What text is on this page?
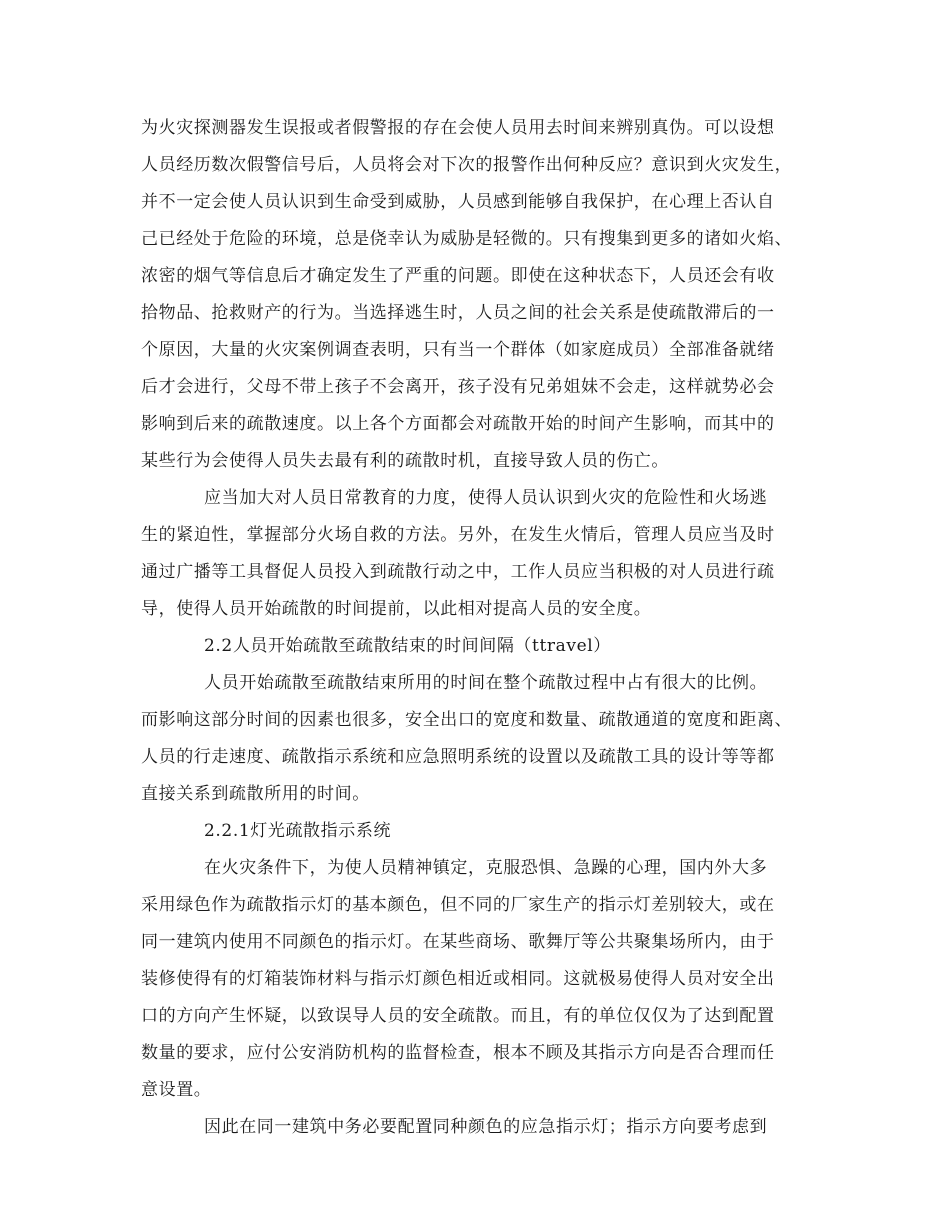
为火灾探测器发生误报或者假警报的存在会使人员用去时间来辨别真伪。可以设想
人员经历数次假警信号后，人员将会对下次的报警作出何种反应？意识到火灾发生，
并不一定会使人员认识到生命受到威胁，人员感到能够自我保护，在心理上否认自
己已经处于危险的环境，总是侥幸认为威胁是轻微的。只有搜集到更多的诸如火焰、
浓密的烟气等信息后才确定发生了严重的问题。即使在这种状态下，人员还会有收
拾物品、抢救财产的行为。当选择逃生时，人员之间的社会关系是使疏散滞后的一
个原因，大量的火灾案例调查表明，只有当一个群体（如家庭成员）全部准备就绪
后才会进行，父母不带上孩子不会离开，孩子没有兄弟姐妹不会走，这样就势必会
影响到后来的疏散速度。以上各个方面都会对疏散开始的时间产生影响，而其中的
某些行为会使得人员失去最有利的疏散时机，直接导致人员的伤亡。
应当加大对人员日常教育的力度，使得人员认识到火灾的危险性和火场逃
生的紧迫性，掌握部分火场自救的方法。另外，在发生火情后，管理人员应当及时
通过广播等工具督促人员投入到疏散行动之中，工作人员应当积极的对人员进行疏
导，使得人员开始疏散的时间提前，以此相对提高人员的安全度。
2.2人员开始疏散至疏散结束的时间间隔（ttravel）
人员开始疏散至疏散结束所用的时间在整个疏散过程中占有很大的比例。
而影响这部分时间的因素也很多，安全出口的宽度和数量、疏散通道的宽度和距离、
人员的行走速度、疏散指示系统和应急照明系统的设置以及疏散工具的设计等等都
直接关系到疏散所用的时间。
2.2.1灯光疏散指示系统
在火灾条件下，为使人员精神镇定，克服恐惧、急躁的心理，国内外大多
采用绿色作为疏散指示灯的基本颜色，但不同的厂家生产的指示灯差别较大，或在
同一建筑内使用不同颜色的指示灯。在某些商场、歌舞厅等公共聚集场所内，由于
装修使得有的灯箱装饰材料与指示灯颜色相近或相同。这就极易使得人员对安全出
口的方向产生怀疑，以致误导人员的安全疏散。而且，有的单位仅仅为了达到配置
数量的要求，应付公安消防机构的监督检查，根本不顾及其指示方向是否合理而任
意设置。
因此在同一建筑中务必要配置同种颜色的应急指示灯；指示方向要考虑到
